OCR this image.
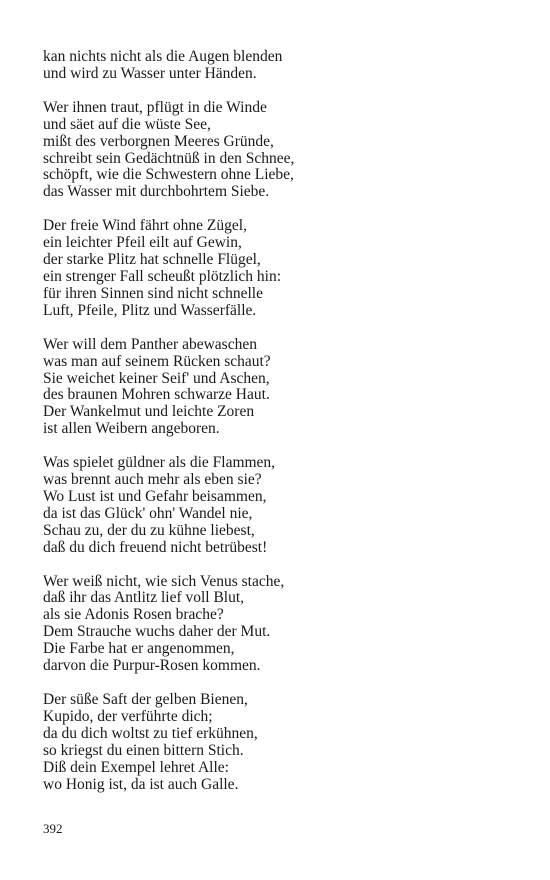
kan nichts nicht als die Augen blenden
und wird zu Wasser unter Händen.
Wer ihnen traut, pflügt in die Winde
und säet auf die wüste See,
mißt des verborgnen Meeres Gründe,
schreibt sein Gedächtnüß in den Schnee,
schöpft, wie die Schwestern ohne Liebe,
das Wasser mit durchbohrtem Siebe.
Der freie Wind fährt ohne Zügel,
ein leichter Pfeil eilt auf Gewin,
der starke Plitz hat schnelle Flügel,
ein strenger Fall scheußt plötzlich hin:
für ihren Sinnen sind nicht schnelle
Luft, Pfeile, Plitz und Wasserfälle.
Wer will dem Panther abewaschen
was man auf seinem Rücken schaut?
Sie weichet keiner Seif' und Aschen,
des braunen Mohren schwarze Haut.
Der Wankelmut und leichte Zoren
ist allen Weibern angeboren.
Was spielet güldner als die Flammen,
was brennt auch mehr als eben sie?
Wo Lust ist und Gefahr beisammen,
da ist das Glück' ohn' Wandel nie,
Schau zu, der du zu kühne liebest,
daß du dich freuend nicht betrübest!
Wer weiß nicht, wie sich Venus stache,
daß ihr das Antlitz lief voll Blut,
als sie Adonis Rosen brache?
Dem Strauche wuchs daher der Mut.
Die Farbe hat er angenommen,
darvon die Purpur-Rosen kommen.
Der süße Saft der gelben Bienen,
Kupido, der verführte dich;
da du dich woltst zu tief erkühnen,
so kriegst du einen bittern Stich.
Diß dein Exempel lehret Alle:
wo Honig ist, da ist auch Galle.
392
